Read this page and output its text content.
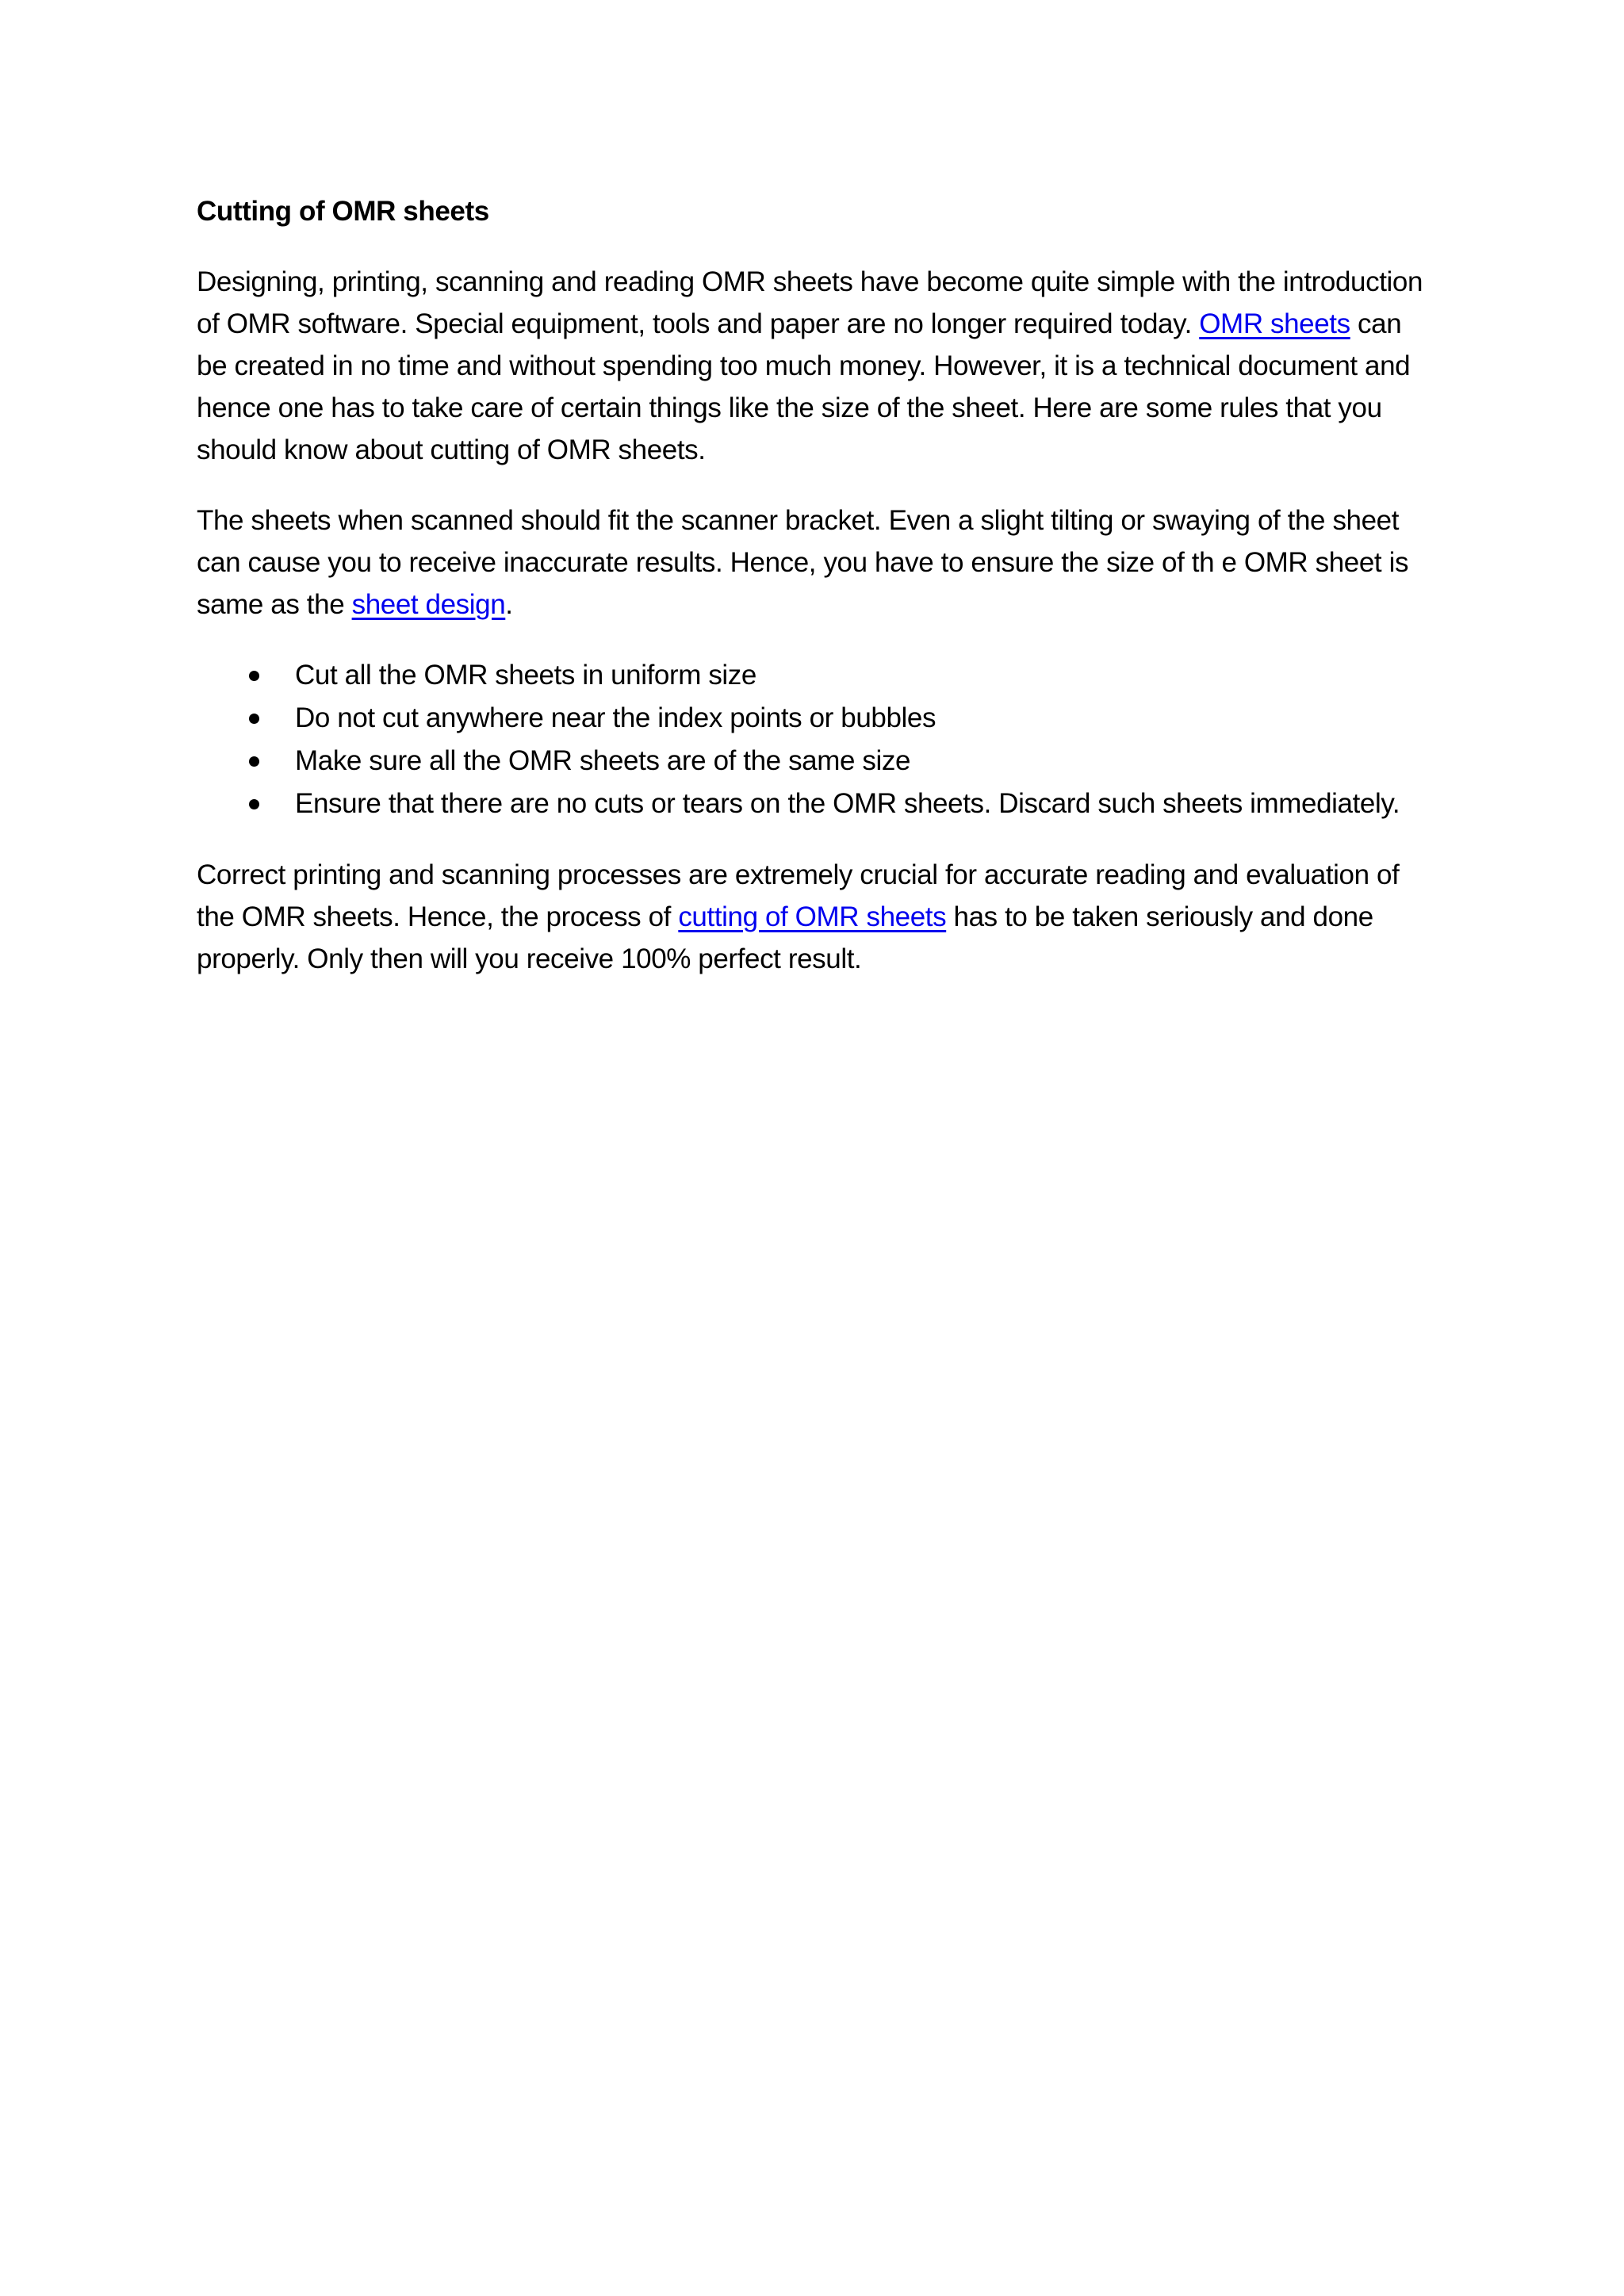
Cutting of OMR sheets

Designing, printing, scanning and reading OMR sheets have become quite simple with the introduction of OMR software. Special equipment, tools and paper are no longer required today. OMR sheets can be created in no time and without spending too much money. However, it is a technical document and hence one has to take care of certain things like the size of the sheet. Here are some rules that you should know about cutting of OMR sheets.

The sheets when scanned should fit the scanner bracket. Even a slight tilting or swaying of the sheet can cause you to receive inaccurate results. Hence, you have to ensure the size of th e OMR sheet is same as the sheet design.

Cut all the OMR sheets in uniform size
Do not cut anywhere near the index points or bubbles
Make sure all the OMR sheets are of the same size
Ensure that there are no cuts or tears on the OMR sheets. Discard such sheets immediately.

Correct printing and scanning processes are extremely crucial for accurate reading and evaluation of the OMR sheets. Hence, the process of cutting of OMR sheets has to be taken seriously and done properly. Only then will you receive 100% perfect result.
